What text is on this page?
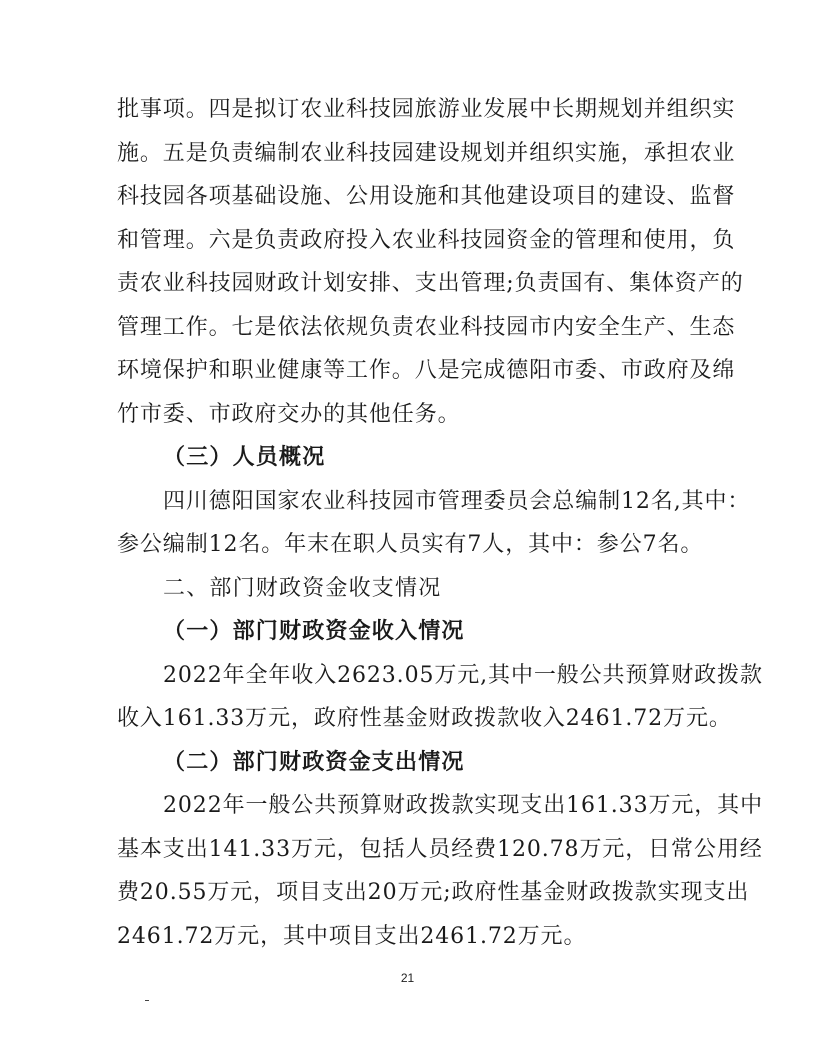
批事项。四是拟订农业科技园旅游业发展中长期规划并组织实

施。五是负责编制农业科技园建设规划并组织实施，承担农业

科技园各项基础设施、公用设施和其他建设项目的建设、监督

和管理。六是负责政府投入农业科技园资金的管理和使用，负

责农业科技园财政计划安排、支出管理;负责国有、集体资产的

管理工作。七是依法依规负责农业科技园市内安全生产、生态

环境保护和职业健康等工作。八是完成德阳市委、市政府及绵

竹市委、市政府交办的其他任务。

（三）人员概况

四川德阳国家农业科技园市管理委员会总编制12名,其中：

参公编制12名。年末在职人员实有7人，其中：参公7名。

二、部门财政资金收支情况
（一）部门财政资金收入情况

2022年全年收入2623.05万元,其中一般公共预算财政拨款

收入161.33万元，政府性基金财政拨款收入2461.72万元。

（二）部门财政资金支出情况

2022年一般公共预算财政拨款实现支出161.33万元，其中

基本支出141.33万元，包括人员经费120.78万元，日常公用经

费20.55万元，项目支出20万元;政府性基金财政拨款实现支出

2461.72万元，其中项目支出2461.72万元。

21
